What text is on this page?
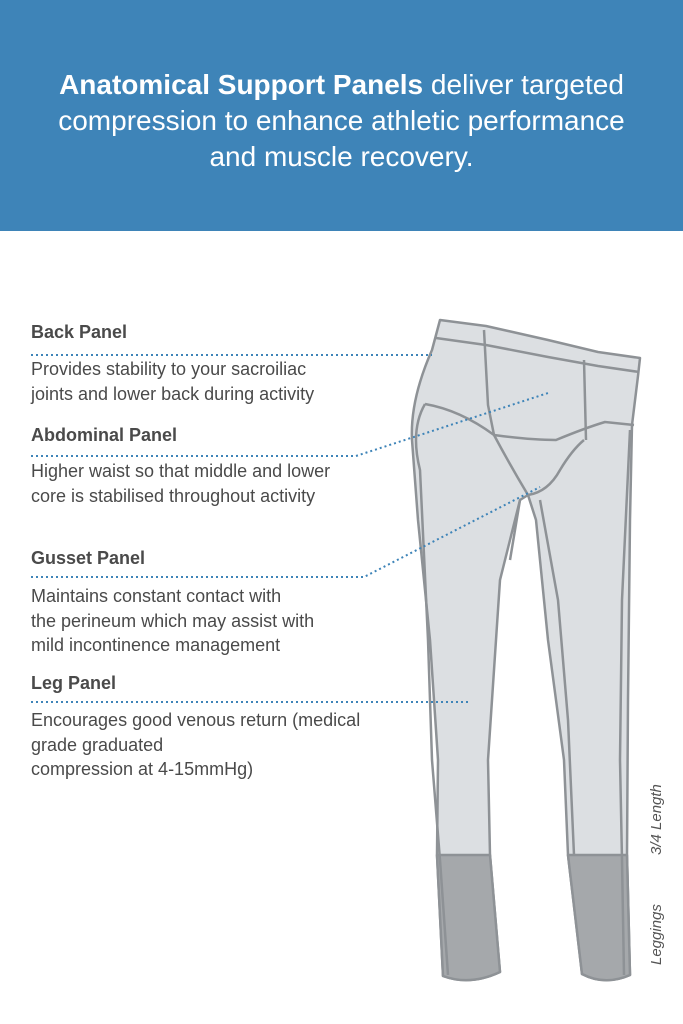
Anatomical Support Panels deliver targeted compression to enhance athletic performance and muscle recovery.
Back Panel
Provides stability to your sacroiliac
joints and lower back during activity
Abdominal Panel
Higher waist so that middle and lower
core is stabilised throughout activity
Gusset Panel
Maintains constant contact with
the perineum which may assist with
mild incontinence management
Leg Panel
Encourages good venous return (medical
grade graduated
compression at 4-15mmHg)
3/4 Length
Leggings
